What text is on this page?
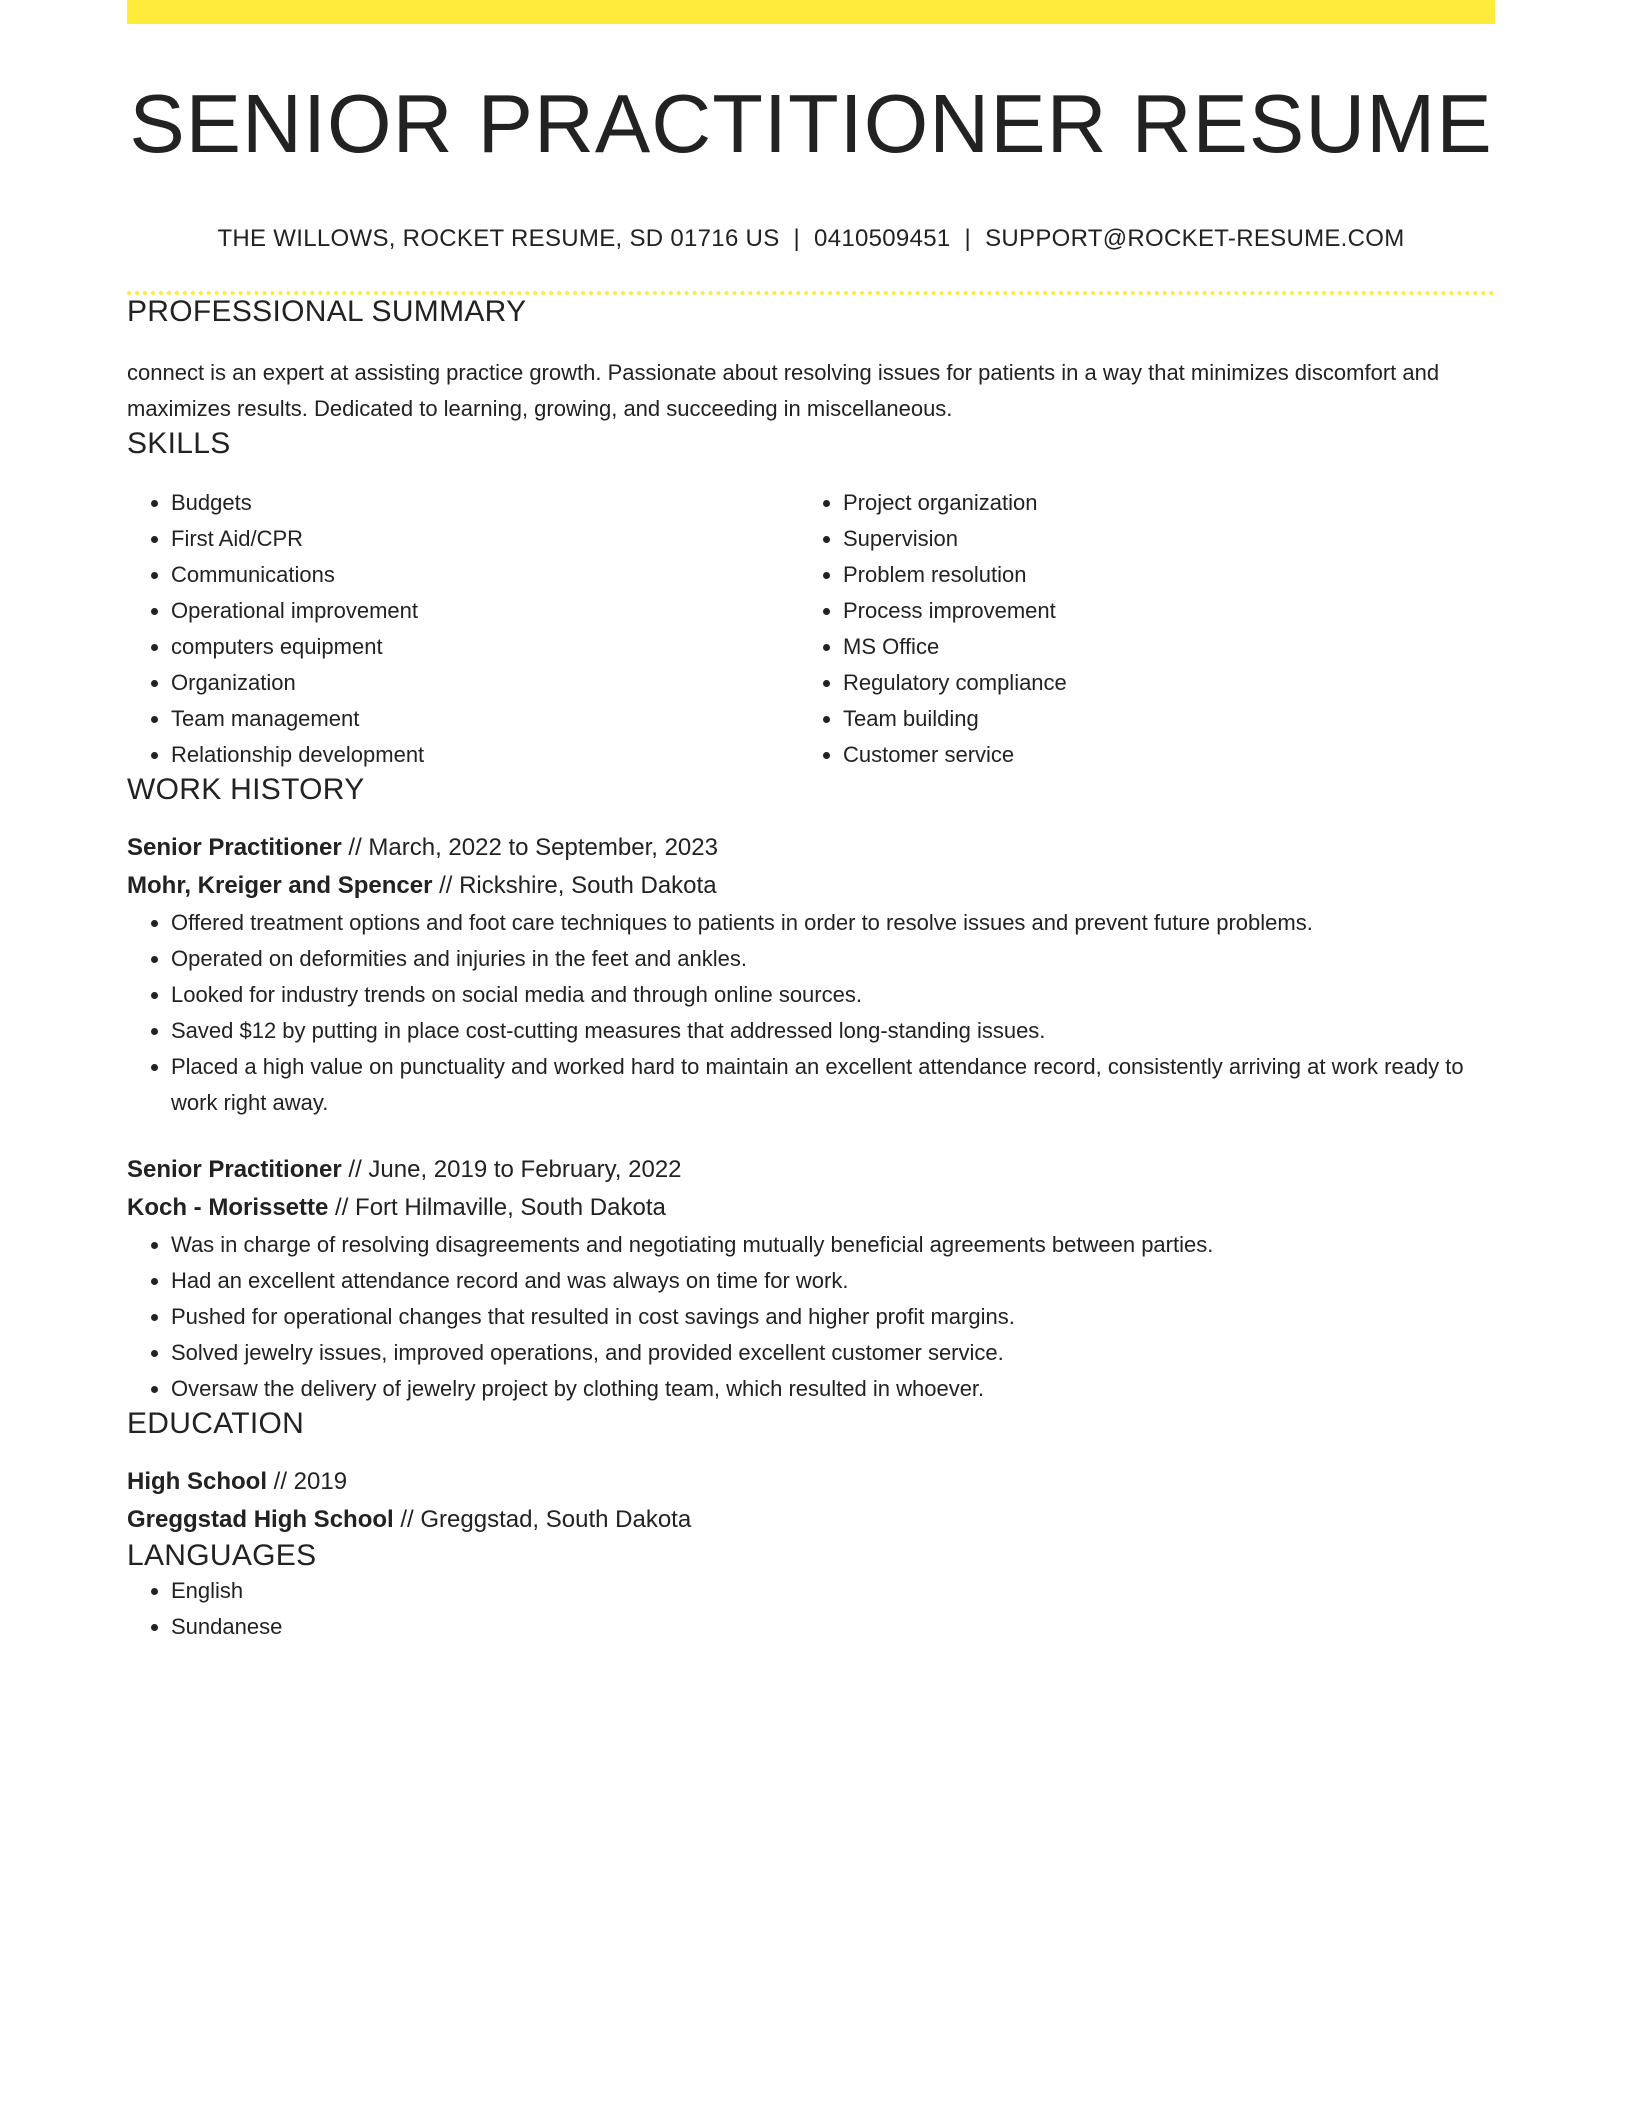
SENIOR PRACTITIONER RESUME
THE WILLOWS, ROCKET RESUME, SD 01716 US | 0410509451 | SUPPORT@ROCKET-RESUME.COM
PROFESSIONAL SUMMARY
connect is an expert at assisting practice growth. Passionate about resolving issues for patients in a way that minimizes discomfort and maximizes results. Dedicated to learning, growing, and succeeding in miscellaneous.
SKILLS
• Budgets
• First Aid/CPR
• Communications
• Operational improvement
• computers equipment
• Organization
• Team management
• Relationship development
• Project organization
• Supervision
• Problem resolution
• Process improvement
• MS Office
• Regulatory compliance
• Team building
• Customer service
WORK HISTORY
Senior Practitioner // March, 2022 to September, 2023
Mohr, Kreiger and Spencer // Rickshire, South Dakota
• Offered treatment options and foot care techniques to patients in order to resolve issues and prevent future problems.
• Operated on deformities and injuries in the feet and ankles.
• Looked for industry trends on social media and through online sources.
• Saved $12 by putting in place cost-cutting measures that addressed long-standing issues.
• Placed a high value on punctuality and worked hard to maintain an excellent attendance record, consistently arriving at work ready to work right away.
Senior Practitioner // June, 2019 to February, 2022
Koch - Morissette // Fort Hilmaville, South Dakota
• Was in charge of resolving disagreements and negotiating mutually beneficial agreements between parties.
• Had an excellent attendance record and was always on time for work.
• Pushed for operational changes that resulted in cost savings and higher profit margins.
• Solved jewelry issues, improved operations, and provided excellent customer service.
• Oversaw the delivery of jewelry project by clothing team, which resulted in whoever.
EDUCATION
High School // 2019
Greggstad High School // Greggstad, South Dakota
LANGUAGES
• English
• Sundanese
